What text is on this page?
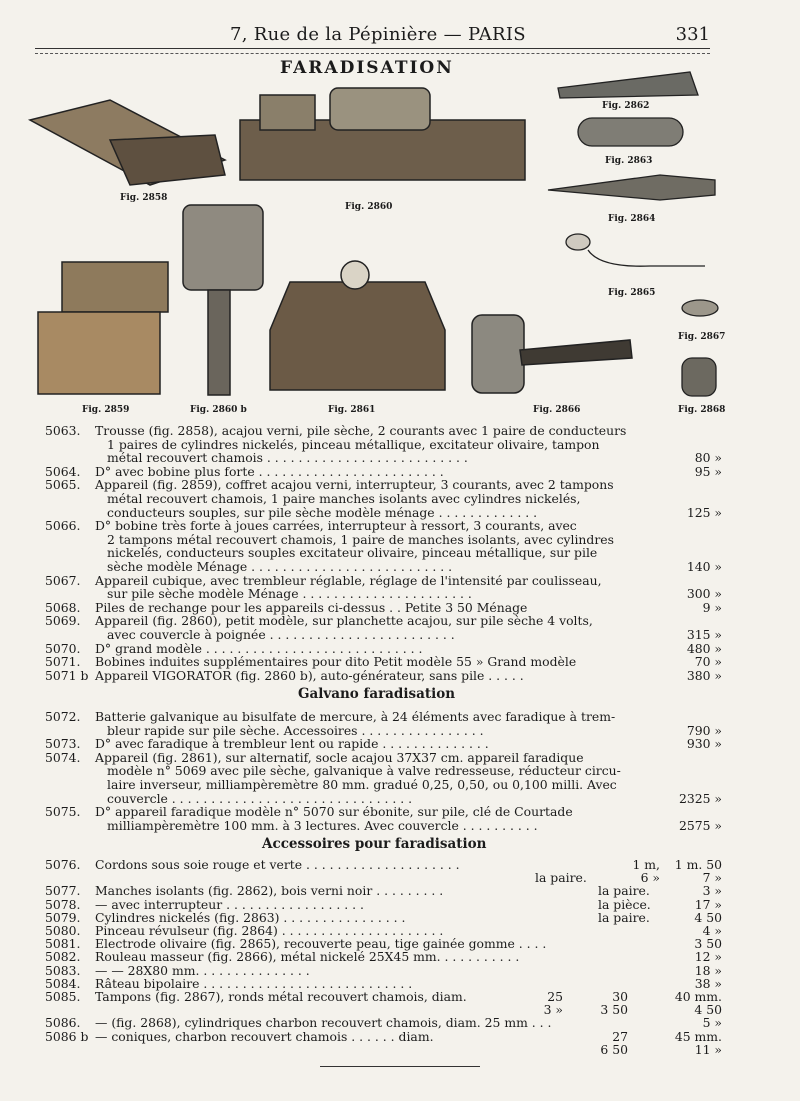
7, Rue de la Pépinière — PARIS	331
FARADISATION
Fig. 2858
Fig. 2860
Fig. 2862
Fig. 2863
Fig. 2864
Fig. 2865
Fig. 2867
Fig. 2859	Fig. 2860 b	Fig. 2861	Fig. 2866	Fig. 2868
Galvano faradisation
Accessoires pour faradisation
5063. Trousse (fig. 2858), acajou verni, pile sèche, 2 courants avec 1 paire de conducteurs
1 paires de cylindres nickelés, pinceau métallique, excitateur olivaire, tampon
métal recouvert chamois . . . . . . . . . . . . . . . . . . . . . . . . . .	80 »
5064. D° avec bobine plus forte . . . . . . . . . . . . . . . . . . . . . . . .	95 »
5065. Appareil (fig. 2859), coffret acajou verni, interrupteur, 3 courants, avec 2 tampons
métal recouvert chamois, 1 paire manches isolants avec cylindres nickelés,
conducteurs souples, sur pile sèche modèle ménage . . . . . . . . . . . . .	125 »
5066. D° bobine très forte à joues carrées, interrupteur à ressort, 3 courants, avec
2 tampons métal recouvert chamois, 1 paire de manches isolants, avec cylindres
nickelés, conducteurs souples excitateur olivaire, pinceau métallique, sur pile
sèche modèle Ménage . . . . . . . . . . . . . . . . . . . . . . . . . .	140 »
5067. Appareil cubique, avec trembleur réglable, réglage de l'intensité par coulisseau,
sur pile sèche modèle Ménage . . . . . . . . . . . . . . . . . . . . . .	300 »
5068. Piles de rechange pour les appareils ci-dessus . . Petite 3 50 Ménage	9 »
5069. Appareil (fig. 2860), petit modèle, sur planchette acajou, sur pile sèche 4 volts,
avec couvercle à poignée . . . . . . . . . . . . . . . . . . . . . . . .	315 »
5070. D° grand modèle . . . . . . . . . . . . . . . . . . . . . . . . . . . .	480 »
5071. Bobines induites supplémentaires pour dito Petit modèle 55 » Grand modèle	70 »
5071 b Appareil VIGORATOR (fig. 2860 b), auto-générateur, sans pile . . . . .	380 »
5072. Batterie galvanique au bisulfate de mercure, à 24 éléments avec faradique à trem-
bleur rapide sur pile sèche. Accessoires . . . . . . . . . . . . . . . .	790 »
5073. D° avec faradique à trembleur lent ou rapide . . . . . . . . . . . . . .	930 »
5074. Appareil (fig. 2861), sur alternatif, socle acajou 37X37 cm. appareil faradique
modèle n° 5069 avec pile sèche, galvanique à valve redresseuse, réducteur circu-
laire inverseur, milliampèremètre 80 mm. gradué 0,25, 0,50, ou 0,100 milli. Avec
couvercle . . . . . . . . . . . . . . . . . . . . . . . . . . . . . . .	2325 »
5075. D° appareil faradique modèle n° 5070 sur ébonite, sur pile, clé de Courtade
milliampèremètre 100 mm. à 3 lectures. Avec couvercle . . . . . . . . . .	2575 »
5076. Cordons sous soie rouge et verte . . . . . . . . . . . . . . . . . . . .	1 m,	1 m. 50
la paire.	6 »	7 »
5077. Manches isolants (fig. 2862), bois verni noir . . . . . . . . .	la paire.	3 »
5078. — avec interrupteur . . . . . . . . . . . . . . . . . .	la pièce.	17 »
5079. Cylindres nickelés (fig. 2863) . . . . . . . . . . . . . . . .	la paire.	4 50
5080. Pinceau révulseur (fig. 2864) . . . . . . . . . . . . . . . . . . . . .	4 »
5081. Electrode olivaire (fig. 2865), recouverte peau, tige gainée gomme . . . .	3 50
5082. Rouleau masseur (fig. 2866), métal nickelé 25X45 mm. . . . . . . . . . .	12 »
5083. — — 28X80 mm. . . . . . . . . . . . . . .	18 »
5084. Râteau bipolaire . . . . . . . . . . . . . . . . . . . . . . . . . . .	38 »
5085. Tampons (fig. 2867), ronds métal recouvert chamois, diam.	25	30	40 mm.
3 »	3 50	4 50
5086. — (fig. 2868), cylindriques charbon recouvert chamois, diam. 25 mm . . .	5 »
5086 b — coniques, charbon recouvert chamois . . . . . . diam.	27	45 mm.
6 50	11 »
